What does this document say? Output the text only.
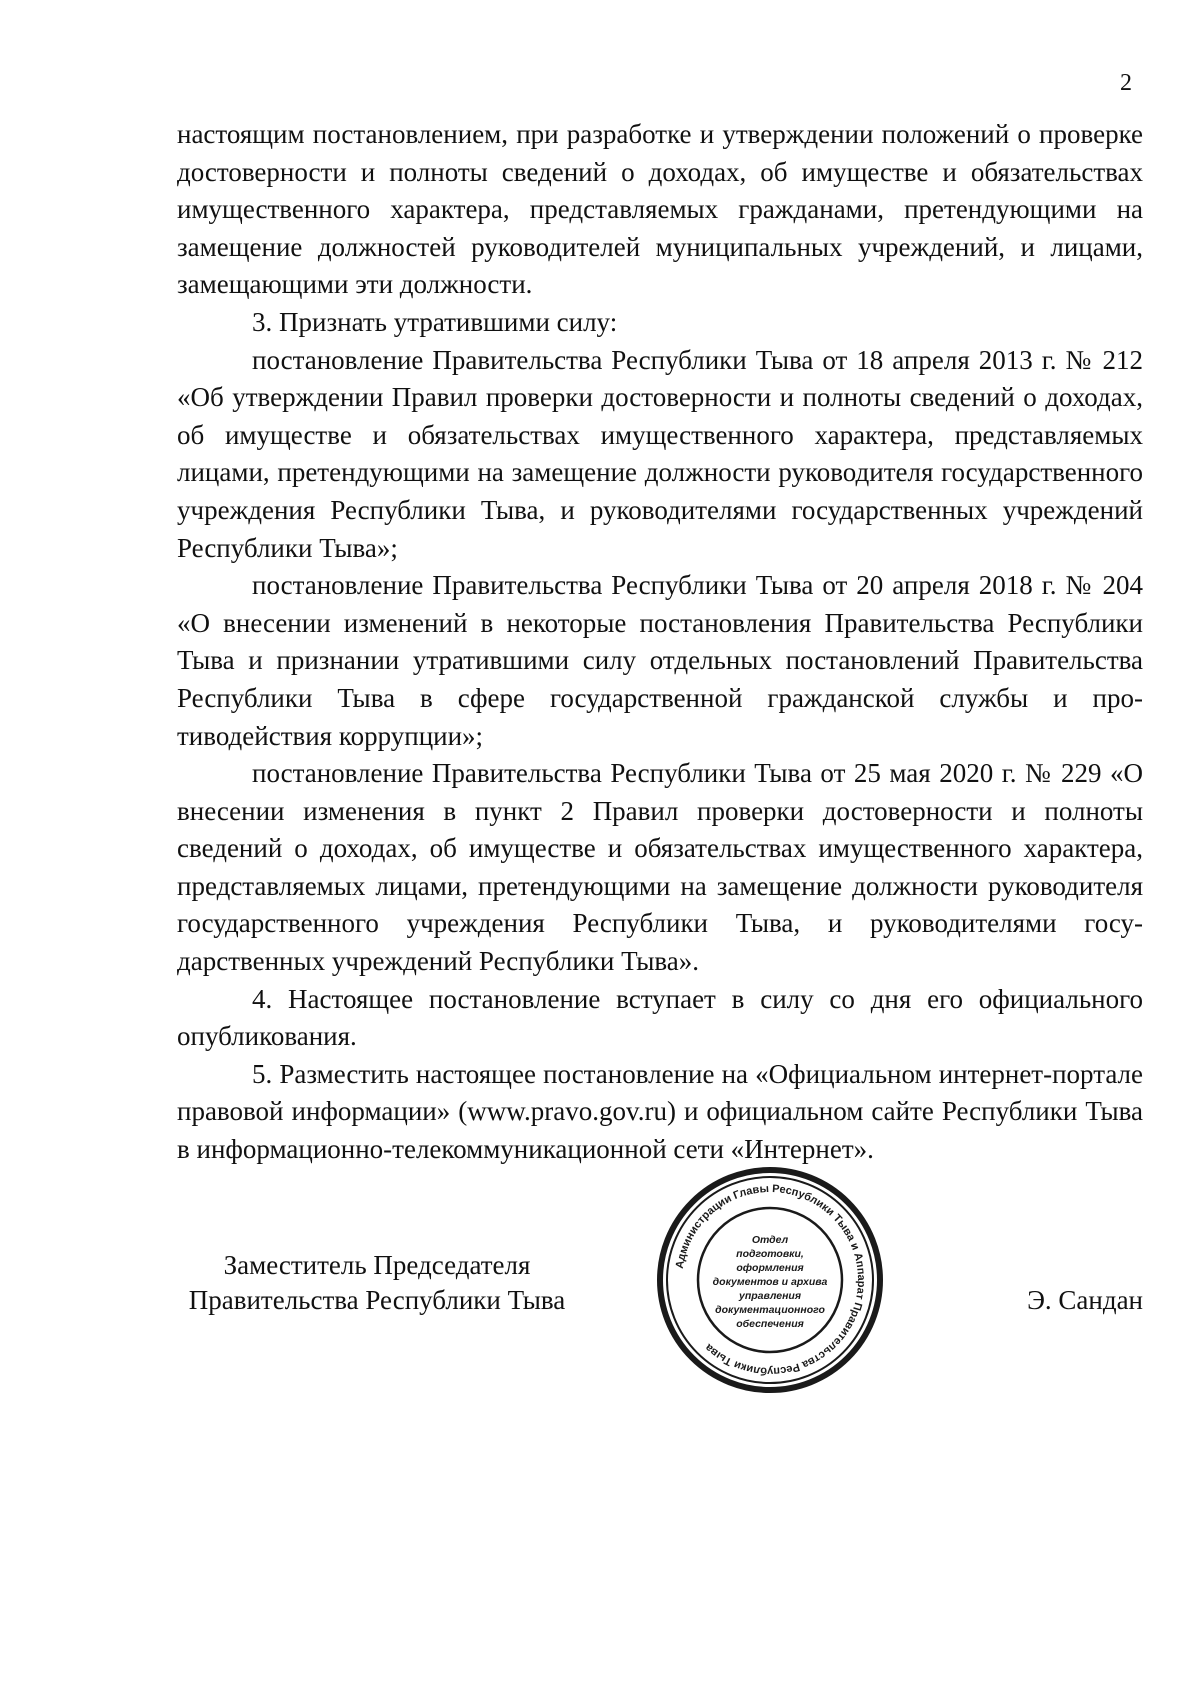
2

настоящим постановлением, при разработке и утверждении положений о проверке достоверности и полноты сведений о доходах, об имуществе и обязательствах имущественного характера, представляемых гражданами, претендующими на замещение должностей руководителей муниципальных учреждений, и лицами, замещающими эти должности.

3. Признать утратившими силу:

постановление Правительства Республики Тыва от 18 апреля 2013 г. № 212 «Об утверждении Правил проверки достоверности и полноты сведений о доходах, об имуществе и обязательствах имущественного характера, представляемых лицами, претендующими на замещение должности руководителя государственного учреждения Республики Тыва, и руководителями государственных учреждений Республики Тыва»;

постановление Правительства Республики Тыва от 20 апреля 2018 г. № 204 «О внесении изменений в некоторые постановления Правительства Республики Тыва и признании утратившими силу отдельных постановлений Правительства Республики Тыва в сфере государственной гражданской службы и противодействия коррупции»;

постановление Правительства Республики Тыва от 25 мая 2020 г. № 229 «О внесении изменения в пункт 2 Правил проверки достоверности и полноты сведений о доходах, об имуществе и обязательствах имущественного характера, представляемых лицами, претендующими на замещение должности руководителя государственного учреждения Республики Тыва, и руководителями государственных учреждений Республики Тыва».

4. Настоящее постановление вступает в силу со дня его официального опубликования.

5. Разместить настоящее постановление на «Официальном интернет-портале правовой информации» (www.pravo.gov.ru) и официальном сайте Республики Тыва в информационно-телекоммуникационной сети «Интернет».

Заместитель Председателя
Правительства Республики Тыва	Э. Сандан
Администрации Главы Республики Тыва и Аппарат Правительства Республики Тыва
Отдел
подготовки,
оформления
документов и архива
управления
документационного
обеспечения
